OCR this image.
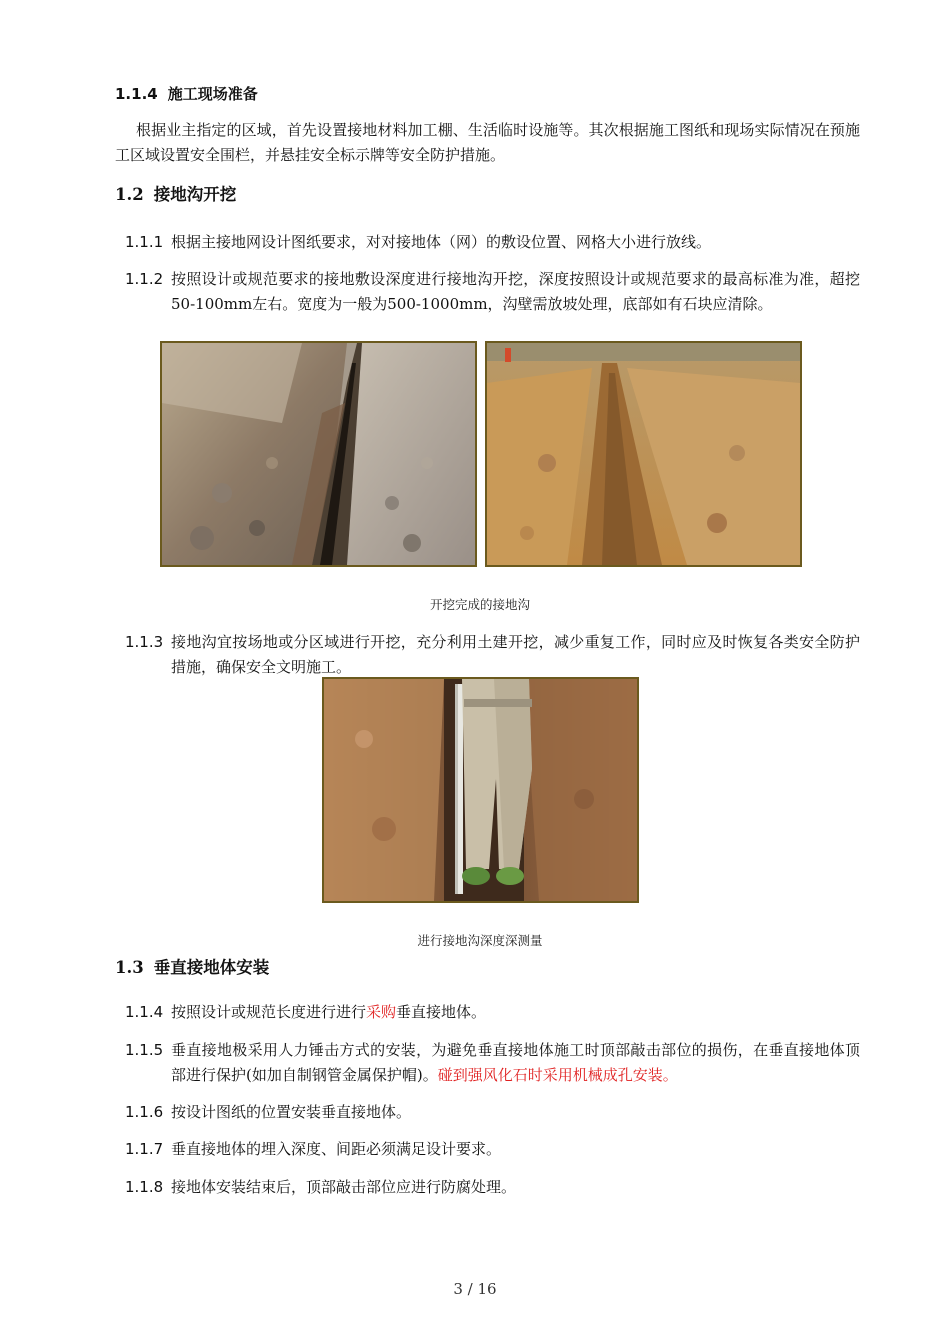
1.1.4 施工现场准备
根据业主指定的区域，首先设置接地材料加工棚、生活临时设施等。其次根据施工图纸和现场实际情况在预施工区域设置安全围栏，并悬挂安全标示牌等安全防护措施。
1.2 接地沟开挖
1.1.1 根据主接地网设计图纸要求，对对接地体（网）的敷设位置、网格大小进行放线。
1.1.2 按照设计或规范要求的接地敷设深度进行接地沟开挖，深度按照设计或规范要求的最高标准为准，超挖50-100mm左右。宽度为一般为500-1000mm，沟壁需放坡处理，底部如有石块应清除。
开挖完成的接地沟
1.1.3 接地沟宜按场地或分区域进行开挖，充分利用土建开挖，减少重复工作，同时应及时恢复各类安全防护措施，确保安全文明施工。
进行接地沟深度深测量
1.3 垂直接地体安装
1.1.4 按照设计或规范长度进行进行采购垂直接地体。
1.1.5 垂直接地极采用人力锤击方式的安装，为避免垂直接地体施工时顶部敲击部位的损伤，在垂直接地体顶部进行保护(如加自制钢管金属保护帽)。碰到强风化石时采用机械成孔安装。
1.1.6 按设计图纸的位置安装垂直接地体。
1.1.7 垂直接地体的埋入深度、间距必须满足设计要求。
1.1.8 接地体安装结束后，顶部敲击部位应进行防腐处理。
3 / 16
